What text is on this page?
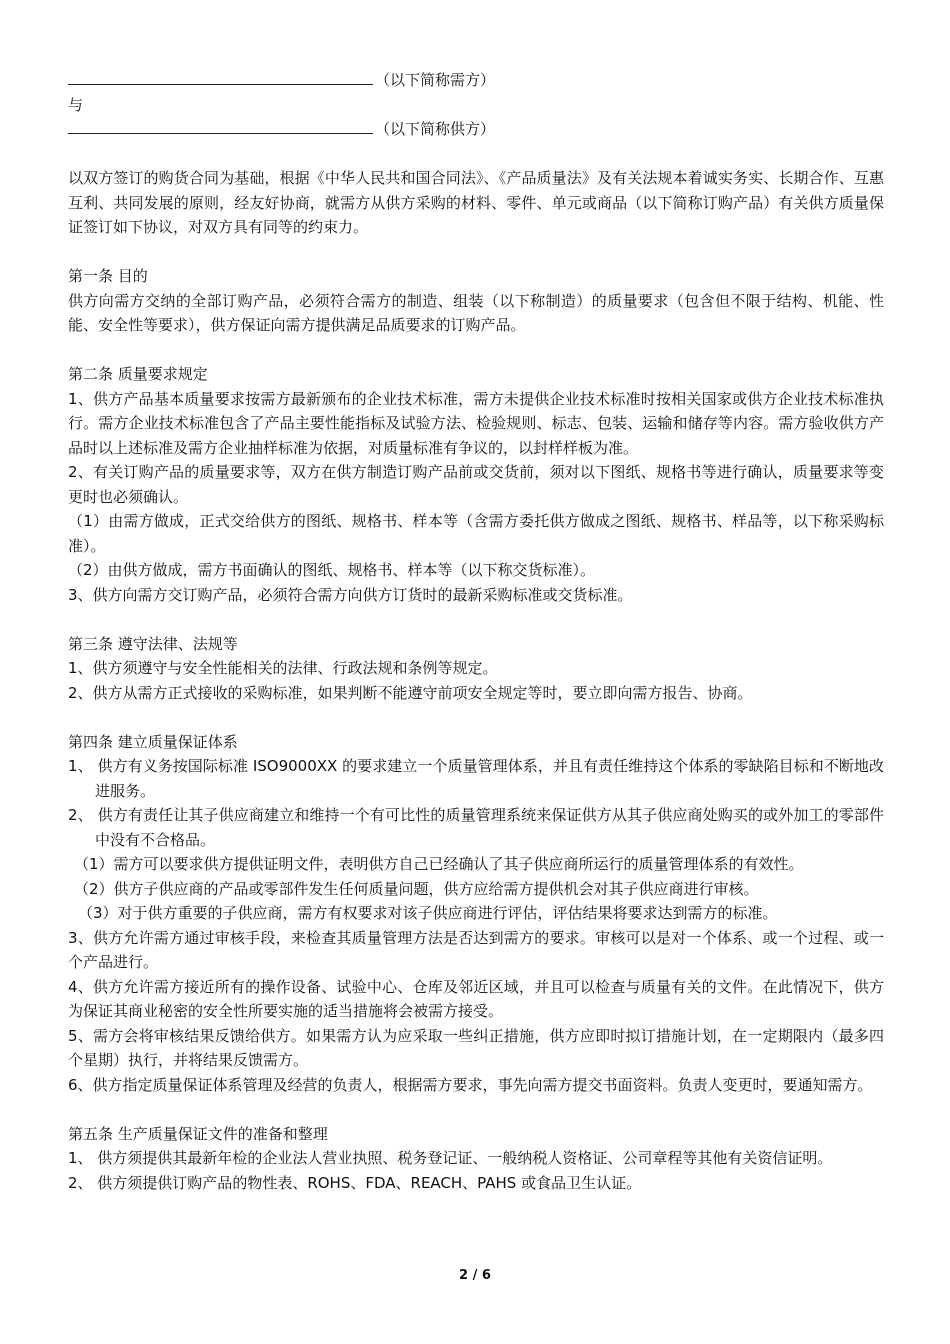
（以下简称需方）

与

（以下简称供方）

以双方签订的购货合同为基础，根据《中华人民共和国合同法》、《产品质量法》及有关法规本着诚实务实、长期合作、互惠互利、共同发展的原则，经友好协商，就需方从供方采购的材料、零件、单元或商品（以下简称订购产品）有关供方质量保证签订如下协议，对双方具有同等的约束力。

第一条 目的

供方向需方交纳的全部订购产品，必须符合需方的制造、组装（以下称制造）的质量要求（包含但不限于结构、机能、性能、安全性等要求），供方保证向需方提供满足品质要求的订购产品。

第二条 质量要求规定

1、供方产品基本质量要求按需方最新颁布的企业技术标准，需方未提供企业技术标准时按相关国家或供方企业技术标准执行。需方企业技术标准包含了产品主要性能指标及试验方法、检验规则、标志、包装、运输和储存等内容。需方验收供方产品时以上述标准及需方企业抽样标准为依据，对质量标准有争议的，以封样样板为准。

2、有关订购产品的质量要求等，双方在供方制造订购产品前或交货前，须对以下图纸、规格书等进行确认，质量要求等变更时也必须确认。

（1）由需方做成，正式交给供方的图纸、规格书、样本等（含需方委托供方做成之图纸、规格书、样品等，以下称采购标准）。

（2）由供方做成，需方书面确认的图纸、规格书、样本等（以下称交货标准）。

3、供方向需方交订购产品，必须符合需方向供方订货时的最新采购标准或交货标准。

第三条 遵守法律、法规等

1、供方须遵守与安全性能相关的法律、行政法规和条例等规定。

2、供方从需方正式接收的采购标准，如果判断不能遵守前项安全规定等时，要立即向需方报告、协商。

第四条 建立质量保证体系

1、 供方有义务按国际标准 ISO9000XX 的要求建立一个质量管理体系，并且有责任维持这个体系的零缺陷目标和不断地改进服务。

2、 供方有责任让其子供应商建立和维持一个有可比性的质量管理系统来保证供方从其子供应商处购买的或外加工的零部件中没有不合格品。

（1）需方可以要求供方提供证明文件，表明供方自己已经确认了其子供应商所运行的质量管理体系的有效性。

（2）供方子供应商的产品或零部件发生任何质量问题，供方应给需方提供机会对其子供应商进行审核。

（3）对于供方重要的子供应商，需方有权要求对该子供应商进行评估，评估结果将要求达到需方的标准。

3、供方允许需方通过审核手段，来检查其质量管理方法是否达到需方的要求。审核可以是对一个体系、或一个过程、或一个产品进行。

4、供方允许需方接近所有的操作设备、试验中心、仓库及邻近区域，并且可以检查与质量有关的文件。在此情况下，供方为保证其商业秘密的安全性所要实施的适当措施将会被需方接受。

5、需方会将审核结果反馈给供方。如果需方认为应采取一些纠正措施，供方应即时拟订措施计划，在一定期限内（最多四个星期）执行，并将结果反馈需方。

6、供方指定质量保证体系管理及经营的负责人，根据需方要求，事先向需方提交书面资料。负责人变更时，要通知需方。

第五条 生产质量保证文件的准备和整理

1、 供方须提供其最新年检的企业法人营业执照、税务登记证、一般纳税人资格证、公司章程等其他有关资信证明。

2、 供方须提供订购产品的物性表、ROHS、FDA、REACH、PAHS 或食品卫生认证。

2 / 6
